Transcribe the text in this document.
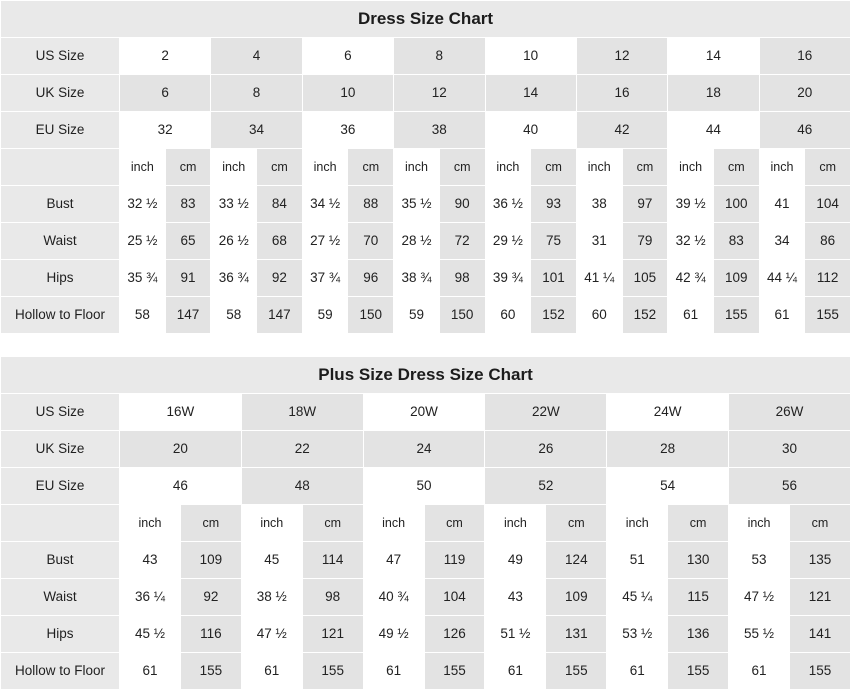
Dress Size Chart																
US Size	2		4		6		8		10		12		14		16	
UK Size	6		8		10		12		14		16		18		20	
EU Size	32		34		36		38		40		42		44		46	
	inch	cm	inch	cm	inch	cm	inch	cm	inch	cm	inch	cm	inch	cm	inch	cm
Bust	32 ½	83	33 ½	84	34 ½	88	35 ½	90	36 ½	93	38	97	39 ½	100	41	104
Waist	25 ½	65	26 ½	68	27 ½	70	28 ½	72	29 ½	75	31	79	32 ½	83	34	86
Hips	35 ¾	91	36 ¾	92	37 ¾	96	38 ¾	98	39 ¾	101	41 ¼	105	42 ¾	109	44 ¼	112
Hollow to Floor	58	147	58	147	59	150	59	150	60	152	60	152	61	155	61	155
Plus Size Dress Size Chart												
US Size	16W		18W		20W		22W		24W		26W	
UK Size	20		22		24		26		28		30	
EU Size	46		48		50		52		54		56	
	inch	cm	inch	cm	inch	cm	inch	cm	inch	cm	inch	cm
Bust	43	109	45	114	47	119	49	124	51	130	53	135
Waist	36 ¼	92	38 ½	98	40 ¾	104	43	109	45 ¼	115	47 ½	121
Hips	45 ½	116	47 ½	121	49 ½	126	51 ½	131	53 ½	136	55 ½	141
Hollow to Floor	61	155	61	155	61	155	61	155	61	155	61	155
